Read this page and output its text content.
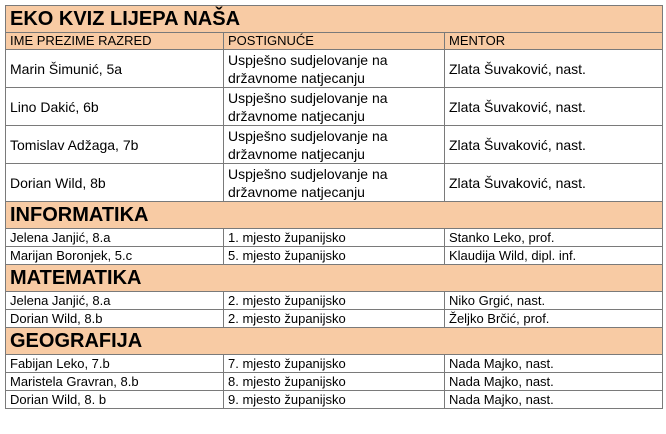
EKO KVIZ LIJEPA NAŠA		
IME PREZIME RAZRED	POSTIGNUĆE	MENTOR
Marin Šimunić, 5a	Uspješno sudjelovanje na državnome natjecanju	Zlata Šuvaković, nast.
Lino Dakić, 6b	Uspješno sudjelovanje na državnome natjecanju	Zlata Šuvaković, nast.
Tomislav Adžaga, 7b	Uspješno sudjelovanje na državnome natjecanju	Zlata Šuvaković, nast.
Dorian Wild, 8b	Uspješno sudjelovanje na državnome natjecanju	Zlata Šuvaković, nast.
INFORMATIKA		
Jelena Janjić, 8.a	1. mjesto županijsko	Stanko Leko, prof.
Marijan Boronjek, 5.c	5. mjesto županijsko	Klaudija Wild, dipl. inf.
MATEMATIKA		
Jelena Janjić, 8.a	2. mjesto županijsko	Niko Grgić, nast.
Dorian Wild, 8.b	2. mjesto županijsko	Željko Brčić, prof.
GEOGRAFIJA		
Fabijan Leko, 7.b	7. mjesto županijsko	Nada Majko, nast.
Maristela Gravran, 8.b	8. mjesto županijsko	Nada Majko, nast.
Dorian Wild, 8. b	9. mjesto županijsko	Nada Majko, nast.
